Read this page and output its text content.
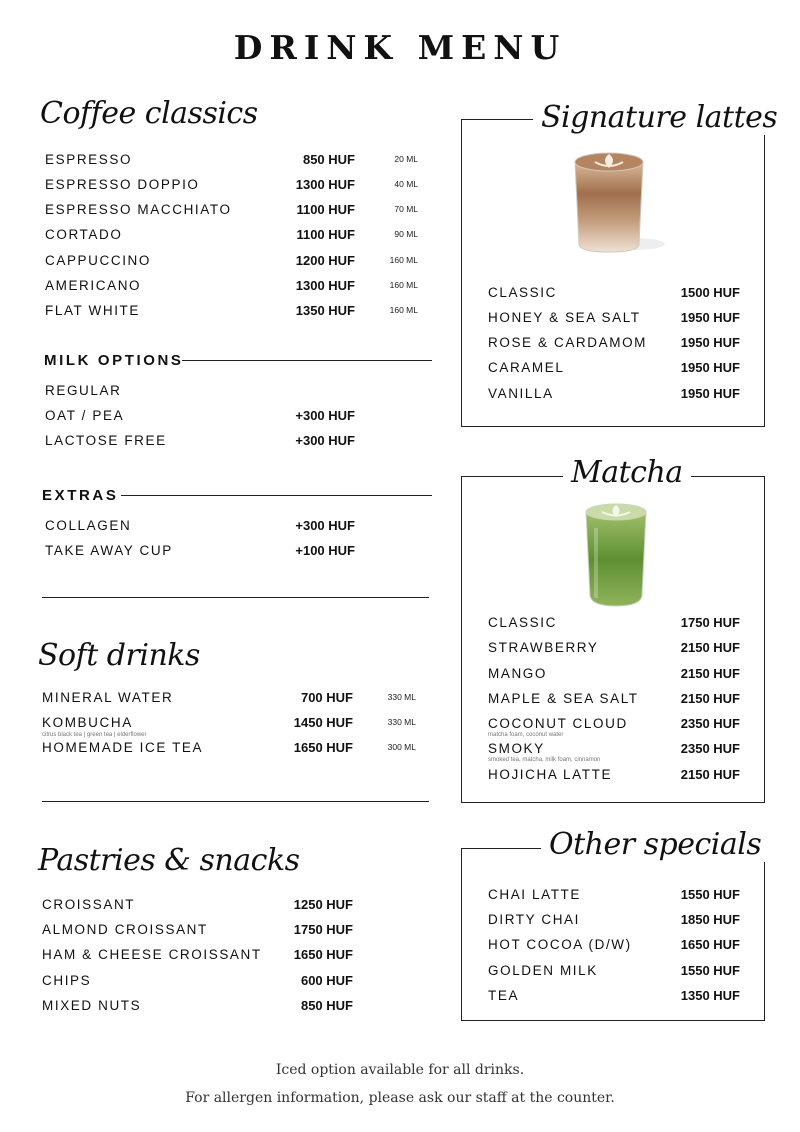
DRINK MENU
Coffee classics
ESPRESSO	850 HUF	20 ML
ESPRESSO DOPPIO	1300 HUF	40 ML
ESPRESSO MACCHIATO	1100 HUF	70 ML
CORTADO	1100 HUF	90 ML
CAPPUCCINO	1200 HUF	160 ML
AMERICANO	1300 HUF	160 ML
FLAT WHITE	1350 HUF	160 ML
MILK OPTIONS
REGULAR
OAT / PEA	+300 HUF
LACTOSE FREE	+300 HUF
EXTRAS
COLLAGEN	+300 HUF
TAKE AWAY CUP	+100 HUF
Soft drinks
MINERAL WATER	700 HUF	330 ML
KOMBUCHA	1450 HUF	330 ML
citrus black tea | green tea | elderflower
HOMEMADE ICE TEA	1650 HUF	300 ML
Pastries & snacks
CROISSANT	1250 HUF
ALMOND CROISSANT	1750 HUF
HAM & CHEESE CROISSANT	1650 HUF
CHIPS	600 HUF
MIXED NUTS	850 HUF
Signature lattes
CLASSIC	1500 HUF
HONEY & SEA SALT	1950 HUF
ROSE & CARDAMOM	1950 HUF
CARAMEL	1950 HUF
VANILLA	1950 HUF
Matcha
CLASSIC	1750 HUF
STRAWBERRY	2150 HUF
MANGO	2150 HUF
MAPLE & SEA SALT	2150 HUF
COCONUT CLOUD	2350 HUF
matcha foam, coconut water
SMOKY	2350 HUF
smoked tea, matcha, milk foam, cinnamon
HOJICHA LATTE	2150 HUF
Other specials
CHAI LATTE	1550 HUF
DIRTY CHAI	1850 HUF
HOT COCOA (D/W)	1650 HUF
GOLDEN MILK	1550 HUF
TEA	1350 HUF
Iced option available for all drinks.
For allergen information, please ask our staff at the counter.
